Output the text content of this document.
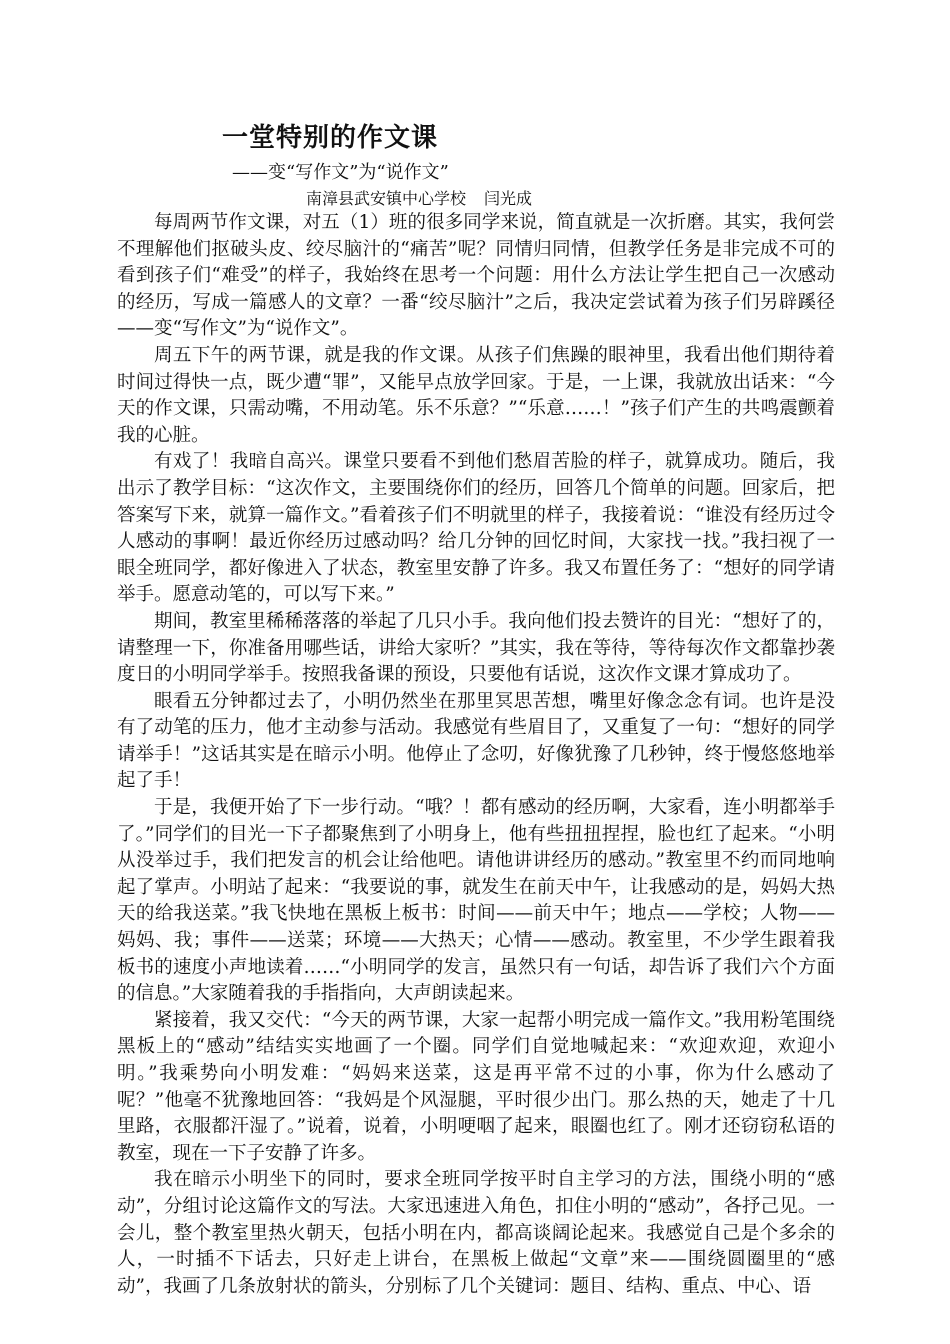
一堂特别的作文课
——变“写作文”为“说作文”
南漳县武安镇中心学校 闫光成

每周两节作文课，对五（1）班的很多同学来说，简直就是一次折磨。其实，我何尝不理解他们抠破头皮、绞尽脑汁的“痛苦”呢？同情归同情，但教学任务是非完成不可的看到孩子们“难受”的样子，我始终在思考一个问题：用什么方法让学生把自己一次感动的经历，写成一篇感人的文章？一番“绞尽脑汁”之后，我决定尝试着为孩子们另辟蹊径——变“写作文”为“说作文”。

周五下午的两节课，就是我的作文课。从孩子们焦躁的眼神里，我看出他们期待着时间过得快一点，既少遭“罪”，又能早点放学回家。于是，一上课，我就放出话来：“今天的作文课，只需动嘴，不用动笔。乐不乐意？”“乐意……！”孩子们产生的共鸣震颤着我的心脏。

有戏了！我暗自高兴。课堂只要看不到他们愁眉苦脸的样子，就算成功。随后，我出示了教学目标：“这次作文，主要围绕你们的经历，回答几个简单的问题。回家后，把答案写下来，就算一篇作文。”看着孩子们不明就里的样子，我接着说：“谁没有经历过令人感动的事啊！最近你经历过感动吗？给几分钟的回忆时间，大家找一找。”我扫视了一眼全班同学，都好像进入了状态，教室里安静了许多。我又布置任务了：“想好的同学请举手。愿意动笔的，可以写下来。”

期间，教室里稀稀落落的举起了几只小手。我向他们投去赞许的目光：“想好了的，请整理一下，你准备用哪些话，讲给大家听？”其实，我在等待，等待每次作文都靠抄袭度日的小明同学举手。按照我备课的预设，只要他有话说，这次作文课才算成功了。

眼看五分钟都过去了，小明仍然坐在那里冥思苦想，嘴里好像念念有词。也许是没有了动笔的压力，他才主动参与活动。我感觉有些眉目了，又重复了一句：“想好的同学请举手！”这话其实是在暗示小明。他停止了念叨，好像犹豫了几秒钟，终于慢悠悠地举起了手！

于是，我便开始了下一步行动。“哦？！都有感动的经历啊，大家看，连小明都举手了。”同学们的目光一下子都聚焦到了小明身上，他有些扭扭捏捏，脸也红了起来。“小明从没举过手，我们把发言的机会让给他吧。请他讲讲经历的感动。”教室里不约而同地响起了掌声。小明站了起来：“我要说的事，就发生在前天中午，让我感动的是，妈妈大热天的给我送菜。”我飞快地在黑板上板书：时间——前天中午；地点——学校；人物——妈妈、我；事件——送菜；环境——大热天；心情——感动。教室里，不少学生跟着我板书的速度小声地读着……“小明同学的发言，虽然只有一句话，却告诉了我们六个方面的信息。”大家随着我的手指指向，大声朗读起来。

紧接着，我又交代：“今天的两节课，大家一起帮小明完成一篇作文。”我用粉笔围绕黑板上的“感动”结结实实地画了一个圈。同学们自觉地喊起来：“欢迎欢迎，欢迎小明。”我乘势向小明发难：“妈妈来送菜，这是再平常不过的小事，你为什么感动了呢？”他毫不犹豫地回答：“我妈是个风湿腿，平时很少出门。那么热的天，她走了十几里路，衣服都汗湿了。”说着，说着，小明哽咽了起来，眼圈也红了。刚才还窃窃私语的教室，现在一下子安静了许多。

我在暗示小明坐下的同时，要求全班同学按平时自主学习的方法，围绕小明的“感动”，分组讨论这篇作文的写法。大家迅速进入角色，扣住小明的“感动”，各抒己见。一会儿，整个教室里热火朝天，包括小明在内，都高谈阔论起来。我感觉自己是个多余的人，一时插不下话去，只好走上讲台，在黑板上做起“文章”来——围绕圆圈里的“感动”，我画了几条放射状的箭头，分别标了几个关键词：题目、结构、重点、中心、语
